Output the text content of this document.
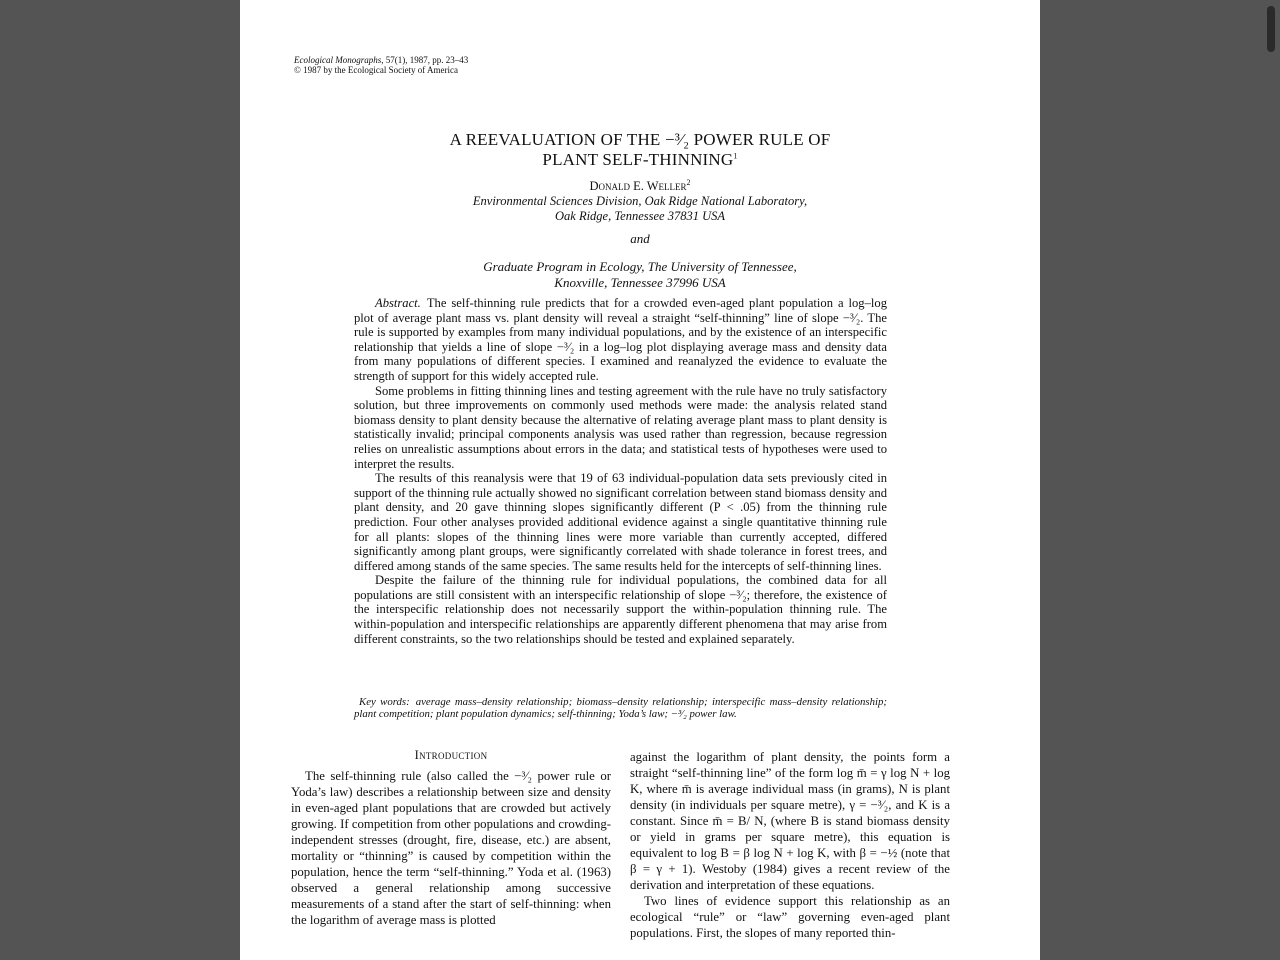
Ecological Monographs, 57(1), 1987, pp. 23–43
© 1987 by the Ecological Society of America
A REEVALUATION OF THE −³⁄₂ POWER RULE OF
PLANT SELF-THINNING$^1$
Donald E. Weller$^2$
Environmental Sciences Division, Oak Ridge National Laboratory,
Oak Ridge, Tennessee 37831 USA
and
Graduate Program in Ecology, The University of Tennessee,
Knoxville, Tennessee 37996 USA

Abstract. The self-thinning rule predicts that for a crowded even-aged plant population a log–log plot of average plant mass vs. plant density will reveal a straight “self-thinning” line of slope −³⁄₂. The rule is supported by examples from many individual populations, and by the existence of an interspecific relationship that yields a line of slope −³⁄₂ in a log–log plot displaying average mass and density data from many populations of different species. I examined and reanalyzed the evidence to evaluate the strength of support for this widely accepted rule.

Some problems in fitting thinning lines and testing agreement with the rule have no truly satisfactory solution, but three improvements on commonly used methods were made: the analysis related stand biomass density to plant density because the alternative of relating average plant mass to plant density is statistically invalid; principal components analysis was used rather than regression, because regression relies on unrealistic assumptions about errors in the data; and statistical tests of hypotheses were used to interpret the results.

The results of this reanalysis were that 19 of 63 individual-population data sets previously cited in support of the thinning rule actually showed no significant correlation between stand biomass density and plant density, and 20 gave thinning slopes significantly different (P < .05) from the thinning rule prediction. Four other analyses provided additional evidence against a single quantitative thinning rule for all plants: slopes of the thinning lines were more variable than currently accepted, differed significantly among plant groups, were significantly correlated with shade tolerance in forest trees, and differed among stands of the same species. The same results held for the intercepts of self-thinning lines.

Despite the failure of the thinning rule for individual populations, the combined data for all populations are still consistent with an interspecific relationship of slope −³⁄₂; therefore, the existence of the interspecific relationship does not necessarily support the within-population thinning rule. The within-population and interspecific relationships are apparently different phenomena that may arise from different constraints, so the two relationships should be tested and explained separately.

Key words: average mass–density relationship; biomass–density relationship; interspecific mass–density relationship; plant competition; plant population dynamics; self-thinning; Yoda’s law; −³⁄₂ power law.

Introduction

The self-thinning rule (also called the −³⁄₂ power rule or Yoda’s law) describes a relationship between size and density in even-aged plant populations that are crowded but actively growing. If competition from other populations and crowding-independent stresses (drought, fire, disease, etc.) are absent, mortality or “thinning” is caused by competition within the population, hence the term “self-thinning.” Yoda et al. (1963) observed a general relationship among successive measurements of a stand after the start of self-thinning: when the logarithm of average mass is plotted

against the logarithm of plant density, the points form a straight “self-thinning line” of the form log m̄ = γ log N + log K, where m̄ is average individual mass (in grams), N is plant density (in individuals per square metre), γ = −³⁄₂, and K is a constant. Since m̄ = B/ N, (where B is stand biomass density or yield in grams per square metre), this equation is equivalent to log B = β log N + log K, with β = −½ (note that β = γ + 1). Westoby (1984) gives a recent review of the derivation and interpretation of these equations.

Two lines of evidence support this relationship as an ecological “rule” or “law” governing even-aged plant populations. First, the slopes of many reported thin-
